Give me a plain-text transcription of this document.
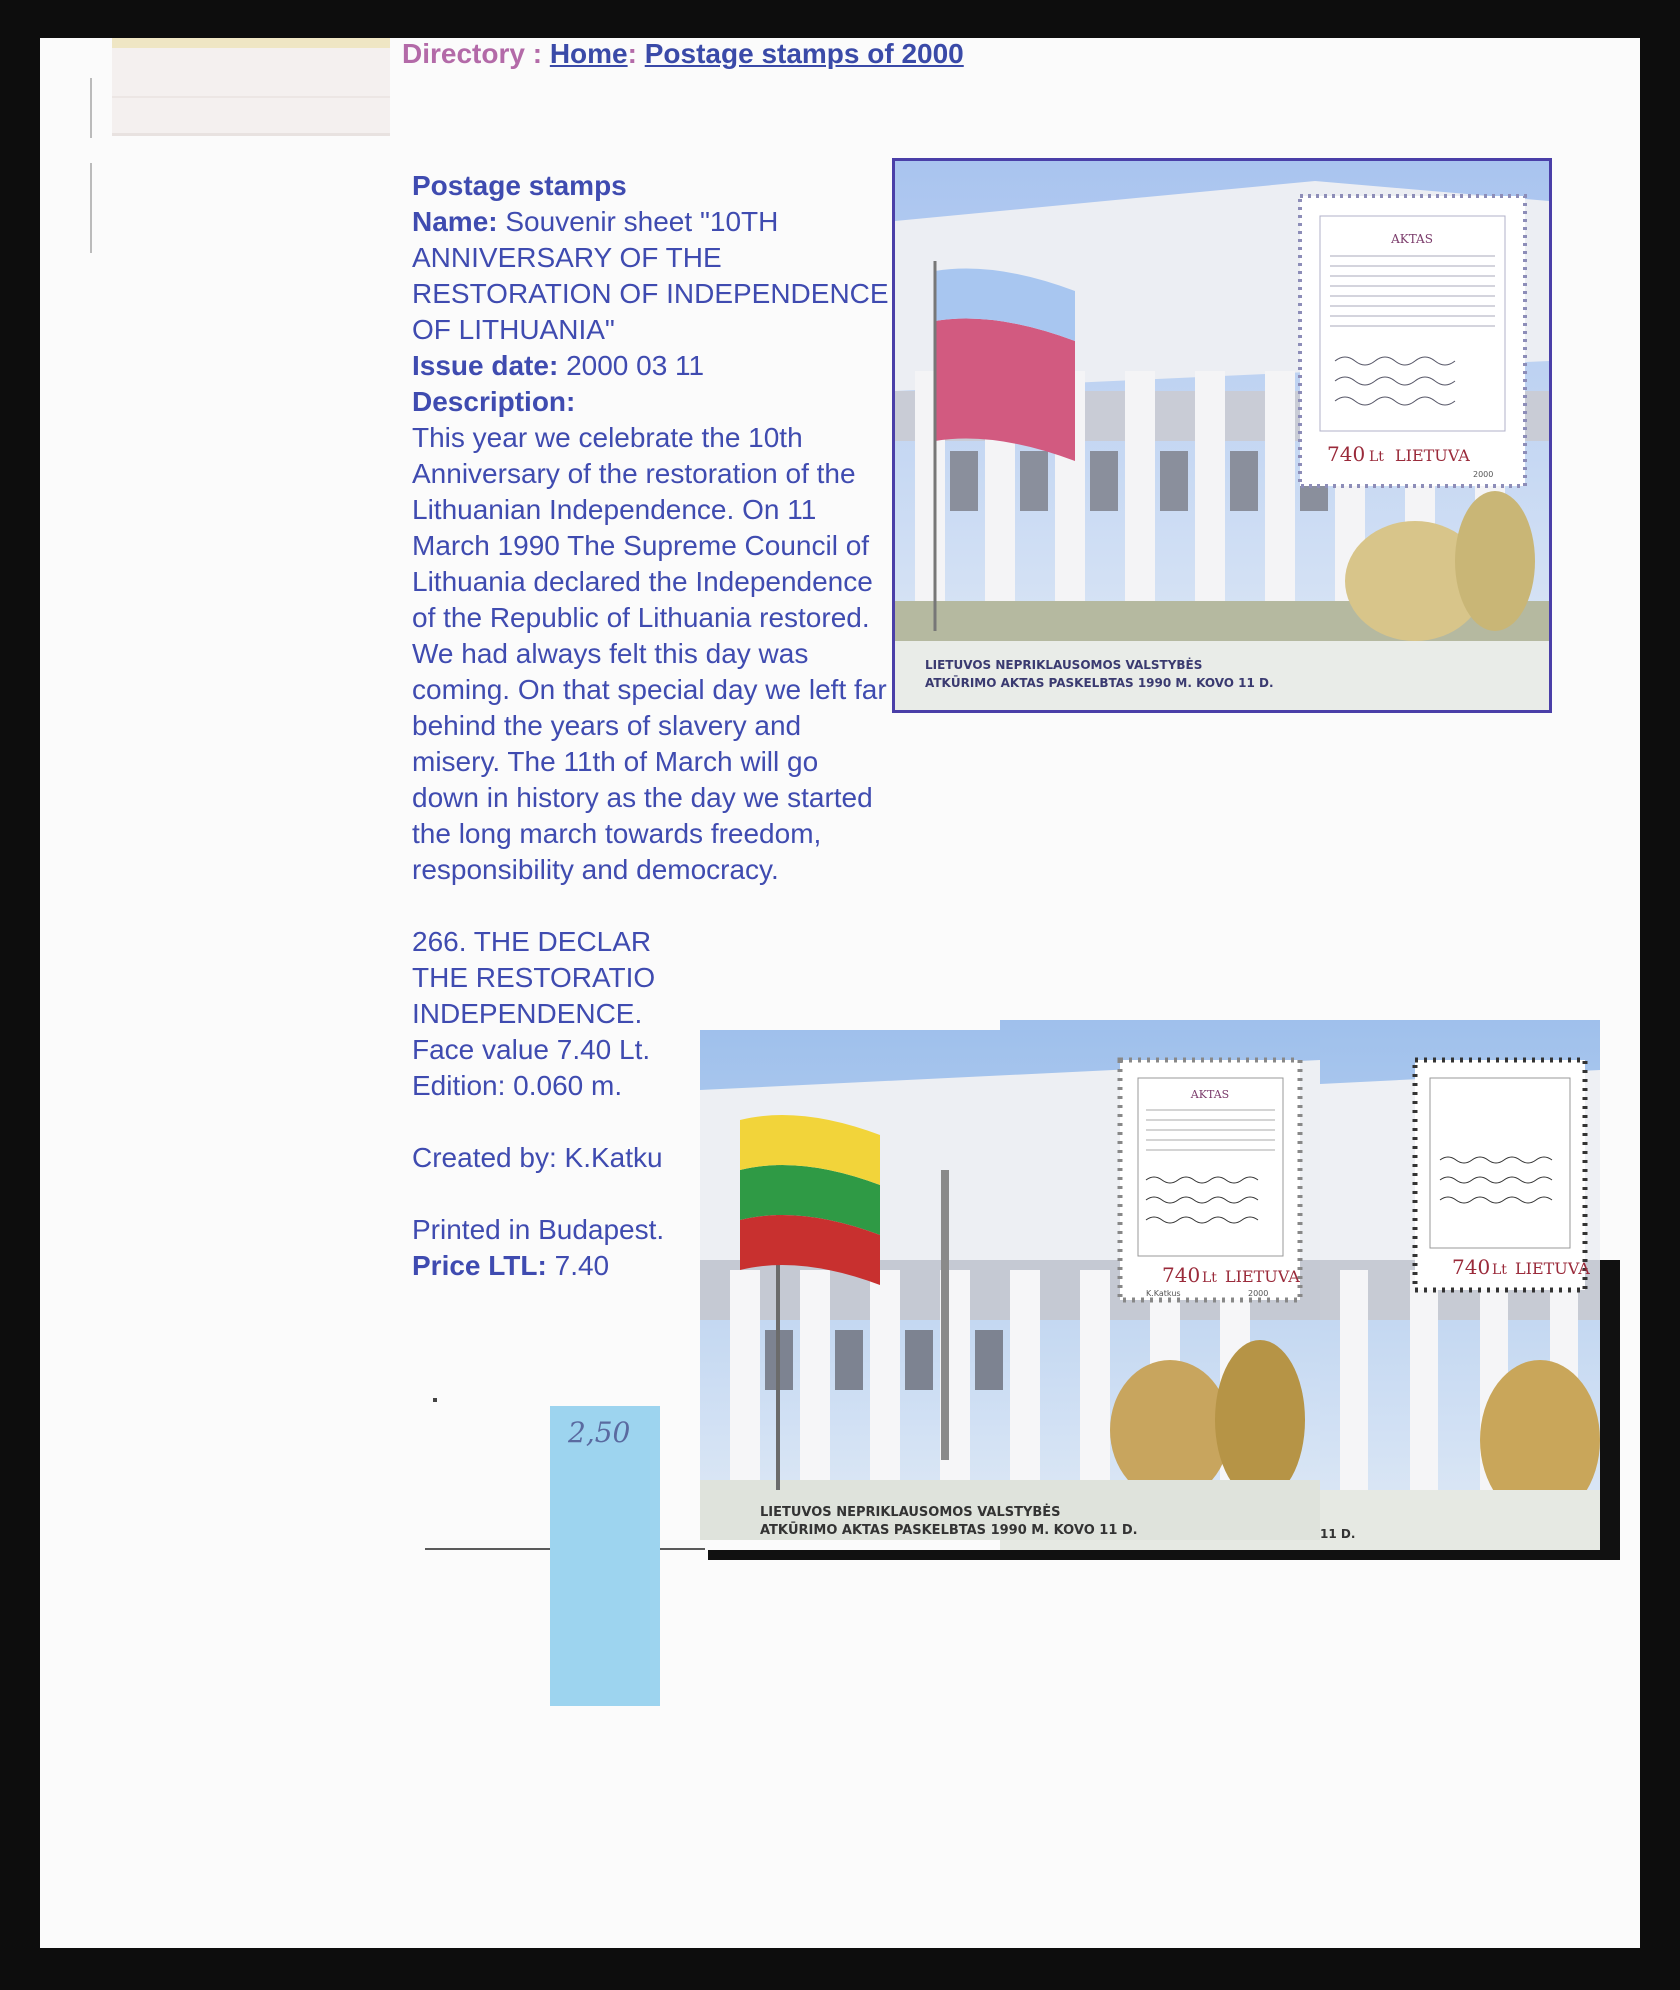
Directory : Home: Postage stamps of 2000

Postage stamps

Name: Souvenir sheet "10TH ANNIVERSARY OF THE RESTORATION OF INDEPENDENCE OF LITHUANIA"

Issue date: 2000 03 11

Description:

This year we celebrate the 10th Anniversary of the restoration of the Lithuanian Independence. On 11 March 1990 The Supreme Council of Lithuania declared the Independence of the Republic of Lithuania restored.

We had always felt this day was coming. On that special day we left far behind the years of slavery and misery. The 11th of March will go down in history as the day we started the long march towards freedom, responsibility and democracy.

266. THE DECLAR

THE RESTORATIO

INDEPENDENCE.

Face value 7.40 Lt.

Edition: 0.060 m.

Created by: K.Katku

Printed in Budapest.

Price LTL: 7.40

AKTAS
740 Lt LIETUVA
2000
LIETUVOS NEPRIKLAUSOMOS VALSTYBĖS
ATKŪRIMO AKTAS PASKELBTAS 1990 M. KOVO 11 D.
740 Lt LIETUVA
11 D.
AKTAS
740 Lt LIETUVA
K.Katkus	2000
LIETUVOS NEPRIKLAUSOMOS VALSTYBĖS
ATKŪRIMO AKTAS PASKELBTAS 1990 M. KOVO 11 D.
2,50
